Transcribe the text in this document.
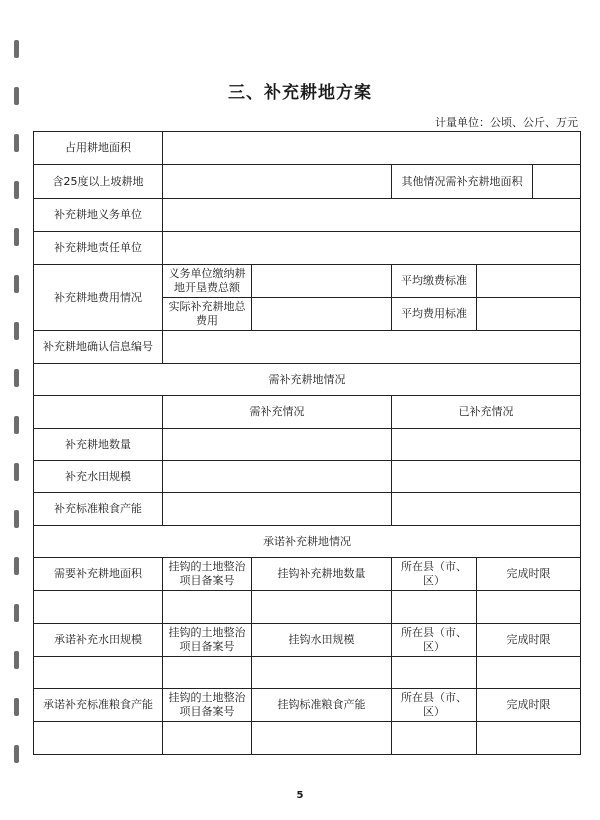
三、补充耕地方案
计量单位：公顷、公斤、万元
占用耕地面积				
含25度以上坡耕地			其他情况需补充耕地面积	

补充耕地义务单位				
补充耕地责任单位				
补充耕地费用情况	义务单位缴纳耕地开垦费总额		平均缴费标准	
	实际补充耕地总费用		平均费用标准	
补充耕地确认信息编号				
需补充耕地情况				
	需补充情况		已补充情况	
补充耕地数量				
补充水田规模				
补充标准粮食产能				
承诺补充耕地情况				
需要补充耕地面积	挂钩的土地整治项目备案号	挂钩补充耕地数量	所在县（市、区）	完成时限

承诺补充水田规模	挂钩的土地整治项目备案号	挂钩水田规模	所在县（市、区）	完成时限

承诺补充标准粮食产能	挂钩的土地整治项目备案号	挂钩标准粮食产能	所在县（市、区）	完成时限

5
